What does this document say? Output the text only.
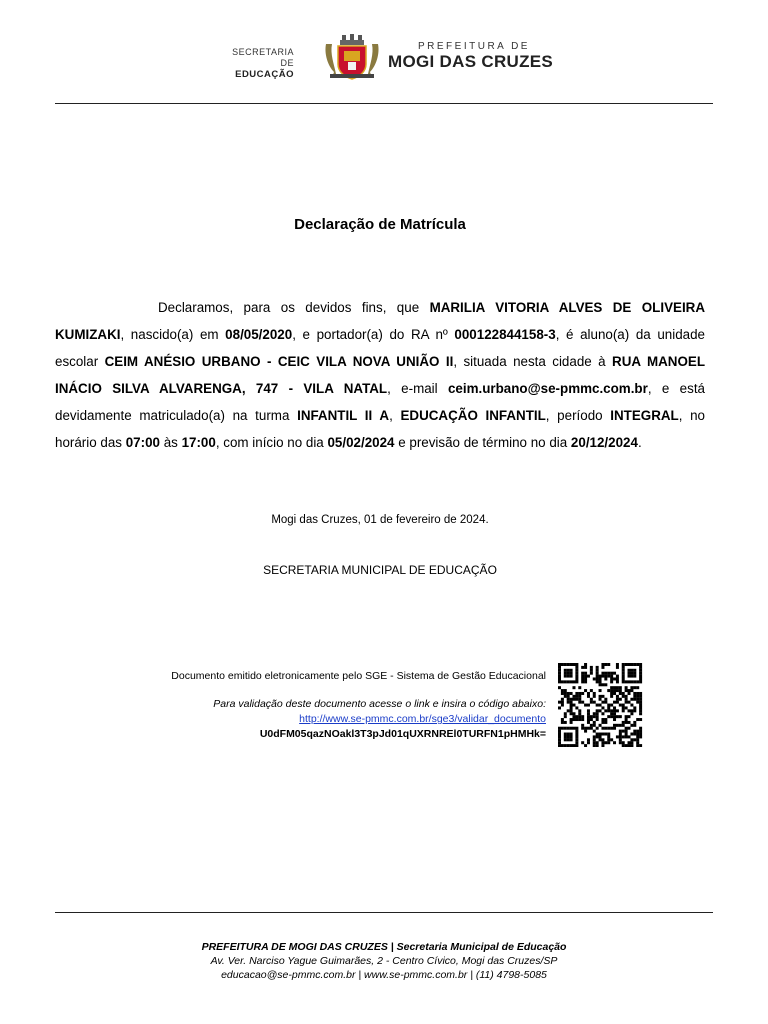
SECRETARIA DE
EDUCAÇÃO
PREFEITURA DE
MOGI DAS CRUZES
Declaração de Matrícula
Declaramos, para os devidos fins, que MARILIA VITORIA ALVES DE OLIVEIRA KUMIZAKI, nascido(a) em 08/05/2020, e portador(a) do RA nº 000122844158-3, é aluno(a) da unidade escolar CEIM ANÉSIO URBANO - CEIC VILA NOVA UNIÃO II, situada nesta cidade à RUA MANOEL INÁCIO SILVA ALVARENGA, 747 - VILA NATAL, e-mail ceim.urbano@se-pmmc.com.br, e está devidamente matriculado(a) na turma INFANTIL II A, EDUCAÇÃO INFANTIL, período INTEGRAL, no horário das 07:00 às 17:00, com início no dia 05/02/2024 e previsão de término no dia 20/12/2024.
Mogi das Cruzes, 01 de fevereiro de 2024.
SECRETARIA MUNICIPAL DE EDUCAÇÃO
Documento emitido eletronicamente pelo SGE - Sistema de Gestão Educacional
Para validação deste documento acesse o link e insira o código abaixo:
http://www.se-pmmc.com.br/sge3/validar_documento
U0dFM05qazNOakl3T3pJd01qUXRNREl0TURFN1pHMHk=
PREFEITURA DE MOGI DAS CRUZES | Secretaria Municipal de Educação
Av. Ver. Narciso Yague Guimarães, 2 - Centro Cívico, Mogi das Cruzes/SP
educacao@se-pmmc.com.br | www.se-pmmc.com.br | (11) 4798-5085
